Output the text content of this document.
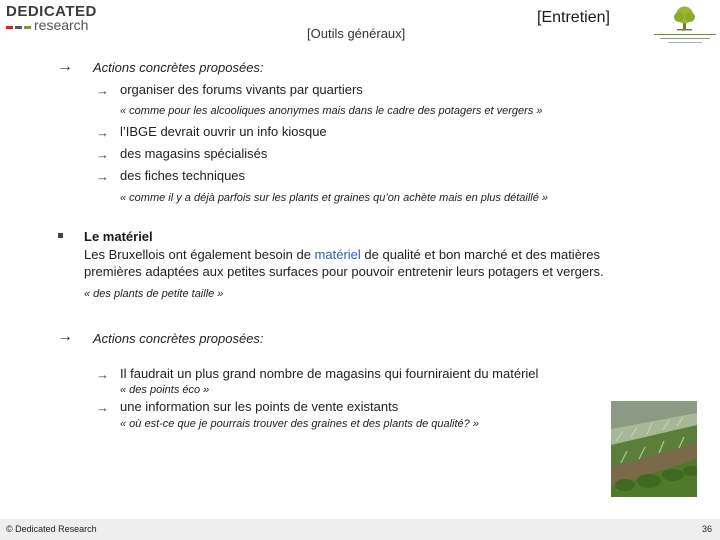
DEDICATED
research
[Outils généraux]
[Entretien]
→ Actions concrètes proposées:
→ organiser des forums vivants par quartiers
« comme pour les alcooliques anonymes mais dans le cadre des potagers et vergers »
→ l’IBGE devrait ouvrir un info kiosque
→ des magasins spécialisés
→ des fiches techniques
« comme il y a déjà parfois sur les plants et graines qu’on achète mais en plus détaillé »
Le matériel
Les Bruxellois ont également besoin de matériel de qualité et bon marché et des matières
premières adaptées aux petites surfaces pour pouvoir entretenir leurs potagers et vergers.
« des plants de petite taille »
→ Actions concrètes proposées:
→ Il faudrait un plus grand nombre de magasins qui fourniraient du matériel
« des points éco »
→ une information sur les points de vente existants
« où est-ce que je pourrais trouver des graines et des plants de qualité? »
© Dedicated Research	36
